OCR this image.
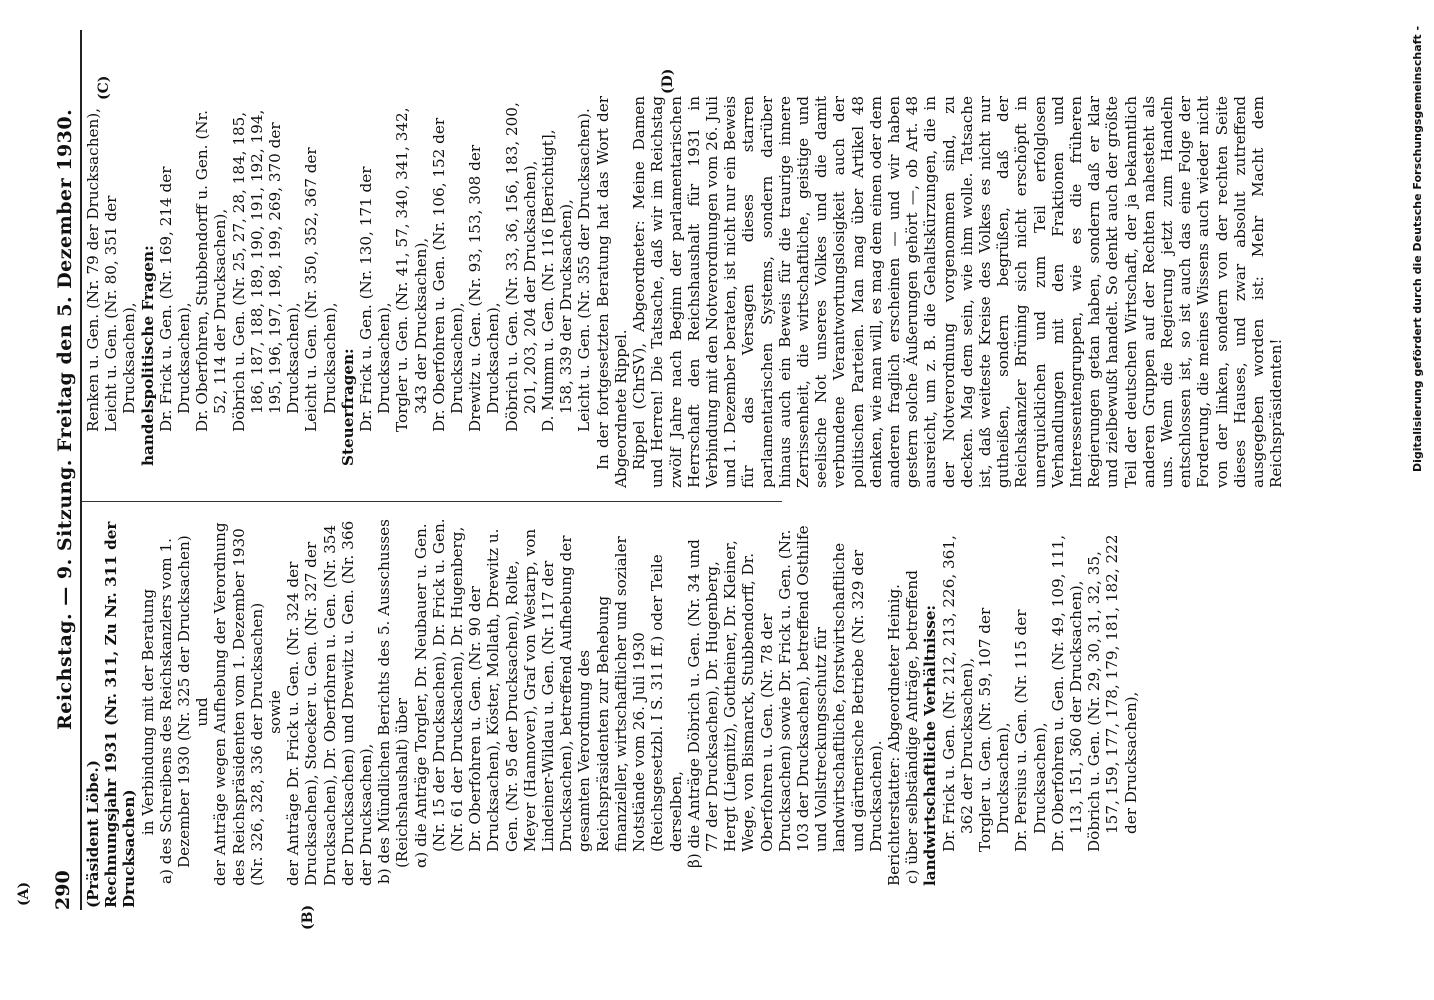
290
Reichstag. — 9. Sitzung. Freitag den 5. Dezember 1930.
(A)
(B)
(C)	(D)

(Präsident Löbe.) Rechnungsjahr 1931 (Nr. 311, Zu Nr. 311 der Drucksachen)

in Verbindung mit der Beratung a) des Schreibens des Reichskanzlers vom 1. Dezember 1930 (Nr. 325 der Drucksachen) und der Anträge wegen Aufhebung der Verordnung des Reichspräsidenten vom 1. Dezember 1930 (Nr. 326, 328, 336 der Drucksachen) sowie der Anträge Dr. Frick u. Gen. (Nr. 324 der Drucksachen), Stoecker u. Gen. (Nr. 327 der Drucksachen), Dr. Oberfohren u. Gen. (Nr. 354 der Drucksachen) und Drewitz u. Gen. (Nr. 366 der Drucksachen), b) des Mündlichen Berichts des 5. Ausschusses (Reichshaushalt) über α) die Anträge Torgler, Dr. Neubauer u. Gen. (Nr. 15 der Drucksachen), Dr. Frick u. Gen. (Nr. 61 der Drucksachen), Dr. Hugenberg, Dr. Oberfohren u. Gen. (Nr. 90 der Drucksachen), Köster, Mollath, Drewitz u. Gen. (Nr. 95 der Drucksachen), Rolte, Meyer (Hannover), Graf von Westarp, von Lindeiner-Wildau u. Gen. (Nr. 117 der Drucksachen), betreffend Aufhebung der gesamten Verordnung des Reichspräsidenten zur Behebung finanzieller, wirtschaftlicher und sozialer Notstände vom 26. Juli 1930 (Reichsgesetzbl. I S. 311 ff.) oder Teile derselben, β) die Anträge Döbrich u. Gen. (Nr. 34 und 77 der Drucksachen), Dr. Hugenberg, Hergt (Liegnitz), Gottheiner, Dr. Kleiner, Wege, von Bismarck, Stubbendorff, Dr. Oberfohren u. Gen. (Nr. 78 der Drucksachen) sowie Dr. Frick u. Gen. (Nr. 103 der Drucksachen), betreffend Osthilfe und Vollstreckungsschutz für landwirtschaftliche, forstwirtschaftliche und gärtnerische Betriebe (Nr. 329 der Drucksachen). Berichterstatter: Abgeordneter Heinig. c) über selbständige Anträge, betreffend landwirtschaftliche Verhältnisse: Dr. Frick u. Gen. (Nr. 212, 213, 226, 361, 362 der Drucksachen), Torgler u. Gen. (Nr. 59, 107 der Drucksachen), Dr. Persius u. Gen. (Nr. 115 der Drucksachen), Dr. Oberfohren u. Gen. (Nr. 49, 109, 111, 113, 151, 360 der Drucksachen), Döbrich u. Gen. (Nr. 29, 30, 31, 32, 35, 157, 159, 177, 178, 179, 181, 182, 222 der Drucksachen),

Renken u. Gen. (Nr. 79 der Drucksachen), Leicht u. Gen. (Nr. 80, 351 der Drucksachen), handelspolitische Fragen: Dr. Frick u. Gen. (Nr. 169, 214 der Drucksachen), Dr. Oberfohren, Stubbendorff u. Gen. (Nr. 52, 114 der Drucksachen), Döbrich u. Gen. (Nr. 25, 27, 28, 184, 185, 186, 187, 188, 189, 190, 191, 192, 194, 195, 196, 197, 198, 199, 269, 370 der Drucksachen), Leicht u. Gen. (Nr. 350, 352, 367 der Drucksachen), Steuerfragen: Dr. Frick u. Gen. (Nr. 130, 171 der Drucksachen), Torgler u. Gen. (Nr. 41, 57, 340, 341, 342, 343 der Drucksachen), Dr. Oberfohren u. Gen. (Nr. 106, 152 der Drucksachen), Drewitz u. Gen. (Nr. 93, 153, 308 der Drucksachen), Döbrich u. Gen. (Nr. 33, 36, 156, 183, 200, 201, 203, 204 der Drucksachen), D. Mumm u. Gen. (Nr. 116 [Berichtigt], 158, 339 der Drucksachen), Leicht u. Gen. (Nr. 355 der Drucksachen). In der fortgesetzten Beratung hat das Wort der Abgeordnete Rippel. Rippel (ChrSV), Abgeordneter: Meine Damen und Herren! Die Tatsache, daß wir im Reichstag zwölf Jahre nach Beginn der parlamentarischen Herrschaft den Reichshaushalt für 1931 in Verbindung mit den Notverordnungen vom 26. Juli und 1. Dezember beraten, ist nicht nur ein Beweis für das Versagen dieses starren parlamentarischen Systems, sondern darüber hinaus auch ein Beweis für die traurige innere Zerrissenheit, die wirtschaftliche, geistige und seelische Not unseres Volkes und die damit verbundene Verantwortungslosigkeit auch der politischen Parteien. Man mag über Artikel 48 denken, wie man will, es mag dem einen oder dem anderen fraglich erscheinen — und wir haben gestern solche Äußerungen gehört —, ob Art. 48 ausreicht, um z. B. die Gehaltskürzungen, die in der Notverordnung vorgenommen sind, zu decken. Mag dem sein, wie ihm wolle. Tatsache ist, daß weiteste Kreise des Volkes es nicht nur gutheißen, sondern begrüßen, daß der Reichskanzler Brüning sich nicht erschöpft in unerquicklichen und zum Teil erfolglosen Verhandlungen mit den Fraktionen und Interessentengruppen, wie es die früheren Regierungen getan haben, sondern daß er klar und zielbewußt handelt. So denkt auch der größte Teil der deutschen Wirtschaft, der ja bekanntlich anderen Gruppen auf der Rechten nahesteht als uns. Wenn die Regierung jetzt zum Handeln entschlossen ist, so ist auch das eine Folge der Forderung, die meines Wissens auch wieder nicht von der linken, sondern von der rechten Seite dieses Hauses, und zwar absolut zutreffend ausgegeben worden ist: Mehr Macht dem Reichspräsidenten!	Digitalisierung gefördert durch die Deutsche Forschungsgemeinschaft -
